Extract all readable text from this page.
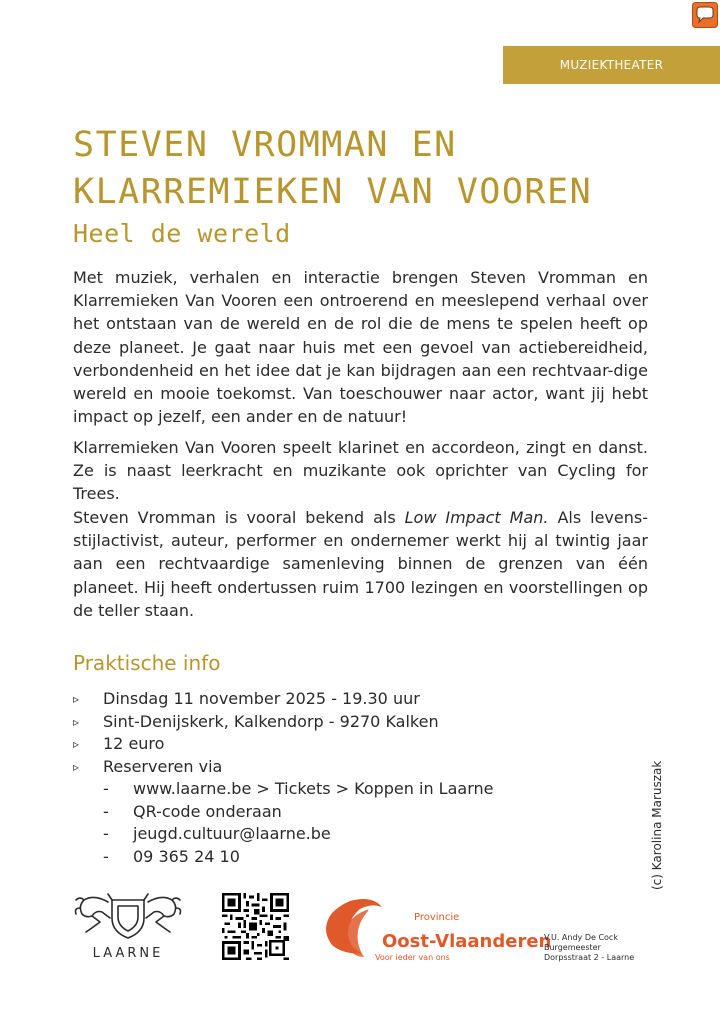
MUZIEKTHEATER
STEVEN VROMMAN EN
KLARREMIEKEN VAN VOOREN
Heel de wereld

Met muziek, verhalen en interactie brengen Steven Vromman en Klarremieken Van Vooren een ontroerend en meeslepend verhaal over het ontstaan van de wereld en de rol die de mens te spelen heeft op deze planeet. Je gaat naar huis met een gevoel van actiebereidheid, verbondenheid en het idee dat je kan bijdragen aan een rechtvaar-dige wereld en mooie toekomst. Van toeschouwer naar actor, want jij hebt impact op jezelf, een ander en de natuur!

Klarremieken Van Vooren speelt klarinet en accordeon, zingt en danst. Ze is naast leerkracht en muzikante ook oprichter van Cycling for Trees.

Steven Vromman is vooral bekend als Low Impact Man. Als levens-stijlactivist, auteur, performer en ondernemer werkt hij al twintig jaar aan een rechtvaardige samenleving binnen de grenzen van één planeet. Hij heeft ondertussen ruim 1700 lezingen en voorstellingen op de teller staan.

Praktische info
▹ Dinsdag 11 november 2025 - 19.30 uur
▹ Sint-Denijskerk, Kalkendorp - 9270 Kalken
▹ 12 euro
▹ Reserveren via
- www.laarne.be > Tickets > Koppen in Laarne
- QR-code onderaan
- jeugd.cultuur@laarne.be
- 09 365 24 10	(c) Karolina Maruszak
LAARNE
Provincie
Oost-Vlaanderen
Voor ieder van ons
V.U. Andy De Cock
Burgemeester
Dorpsstraat 2 - Laarne
